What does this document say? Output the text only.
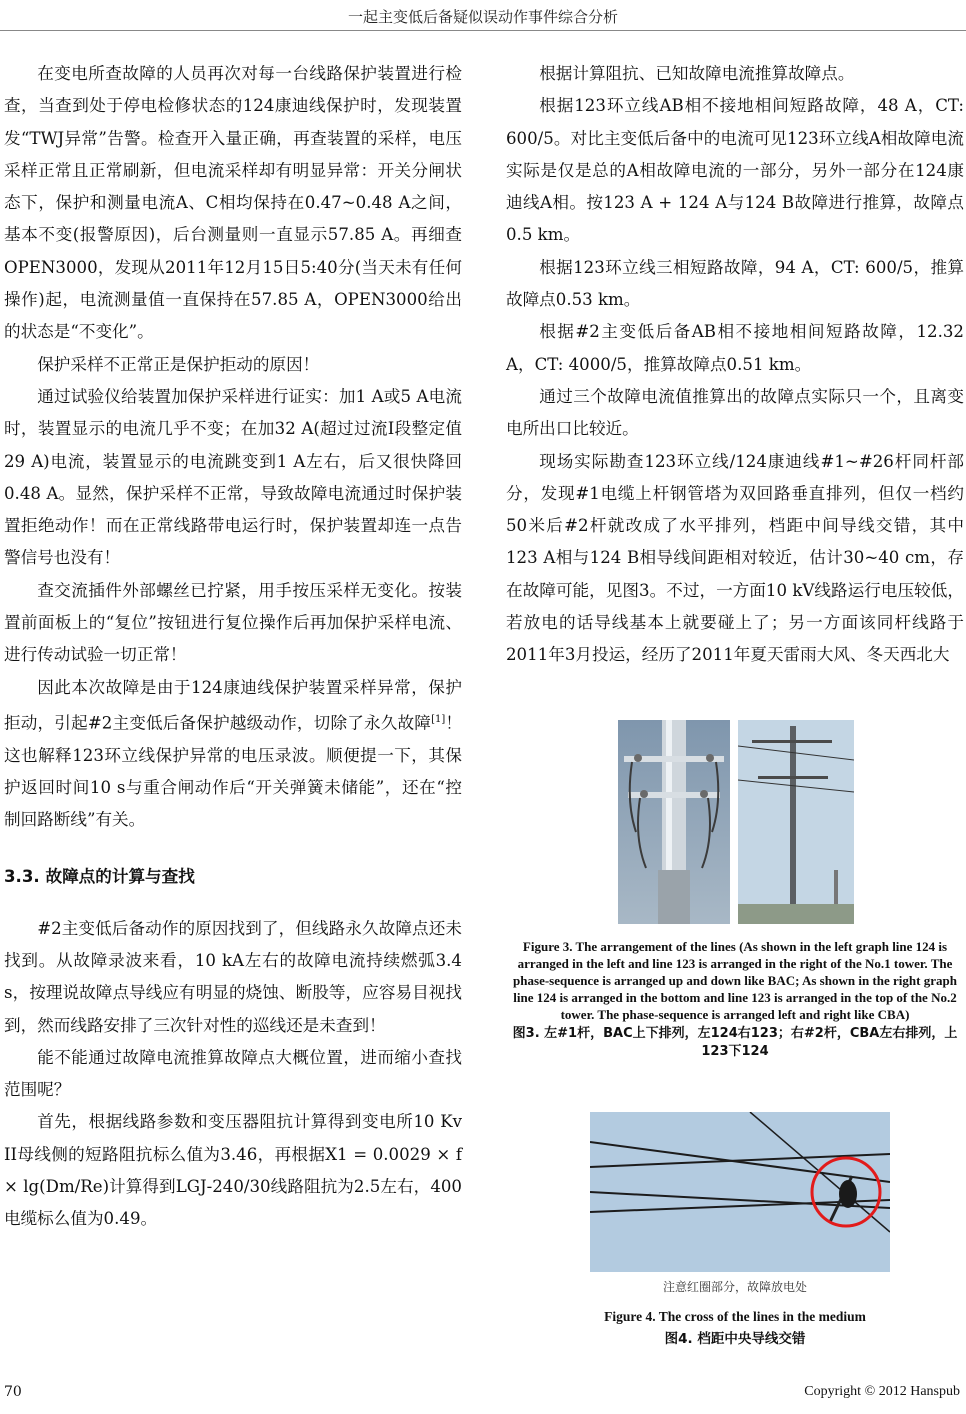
一起主变低后备疑似误动作事件综合分析

在变电所查故障的人员再次对每一台线路保护装置进行检查，当查到处于停电检修状态的124康迪线保护时，发现装置发“TWJ异常”告警。检查开入量正确，再查装置的采样，电压采样正常且正常刷新，但电流采样却有明显异常：开关分闸状态下，保护和测量电流A、C相均保持在0.47~0.48 A之间，基本不变(报警原因)，后台测量则一直显示57.85 A。再细查OPEN3000，发现从2011年12月15日5:40分(当天未有任何操作)起，电流测量值一直保持在57.85 A，OPEN3000给出的状态是“不变化”。

保护采样不正常正是保护拒动的原因！

通过试验仪给装置加保护采样进行证实：加1 A或5 A电流时，装置显示的电流几乎不变；在加32 A(超过过流I段整定值29 A)电流，装置显示的电流跳变到1 A左右，后又很快降回0.48 A。显然，保护采样不正常，导致故障电流通过时保护装置拒绝动作！而在正常线路带电运行时，保护装置却连一点告警信号也没有！

查交流插件外部螺丝已拧紧，用手按压采样无变化。按装置前面板上的“复位”按钮进行复位操作后再加保护采样电流、进行传动试验一切正常！

因此本次故障是由于124康迪线保护装置采样异常，保护拒动，引起#2主变低后备保护越级动作，切除了永久故障[1]！这也解释123环立线保护异常的电压录波。顺便提一下，其保护返回时间10 s与重合闸动作后“开关弹簧未储能”，还在“控制回路断线”有关。

3.3. 故障点的计算与查找

#2主变低后备动作的原因找到了，但线路永久故障点还未找到。从故障录波来看，10 kA左右的故障电流持续燃弧3.4 s，按理说故障点导线应有明显的烧蚀、断股等，应容易目视找到，然而线路安排了三次针对性的巡线还是未查到！

能不能通过故障电流推算故障点大概位置，进而缩小查找范围呢？

首先，根据线路参数和变压器阻抗计算得到变电所10 Kv II母线侧的短路阻抗标么值为3.46，再根据X1 = 0.0029 × f × lg(Dm/Re)计算得到LGJ-240/30线路阻抗为2.5左右，400电缆标么值为0.49。

根据计算阻抗、已知故障电流推算故障点。

根据123环立线AB相不接地相间短路故障，48 A，CT: 600/5。对比主变低后备中的电流可见123环立线A相故障电流实际是仅是总的A相故障电流的一部分，另外一部分在124康迪线A相。按123 A + 124 A与124 B故障进行推算，故障点0.5 km。

根据123环立线三相短路故障，94 A，CT: 600/5，推算故障点0.53 km。

根据#2主变低后备AB相不接地相间短路故障，12.32 A，CT: 4000/5，推算故障点0.51 km。

通过三个故障电流值推算出的故障点实际只一个，且离变电所出口比较近。

现场实际勘查123环立线/124康迪线#1~#26杆同杆部分，发现#1电缆上杆钢管塔为双回路垂直排列，但仅一档约50米后#2杆就改成了水平排列，档距中间导线交错，其中123 A相与124 B相导线间距相对较近，估计30~40 cm，存在故障可能，见图3。不过，一方面10 kV线路运行电压较低，若放电的话导线基本上就要碰上了；另一方面该同杆线路于2011年3月投运，经历了2011年夏天雷雨大风、冬天西北大

Figure 3. The arrangement of the lines (As shown in the left graph line 124 is arranged in the left and line 123 is arranged in the right of the No.1 tower. The phase-sequence is arranged up and down like BAC; As shown in the right graph line 124 is arranged in the bottom and line 123 is arranged in the top of the No.2 tower. The phase-sequence is arranged left and right like CBA)

图3. 左#1杆，BAC上下排列，左124右123；右#2杆，CBA左右排列，上123下124

注意红圈部分，故障放电处

Figure 4. The cross of the lines in the medium

图4. 档距中央导线交错

70	Copyright © 2012 Hanspub
